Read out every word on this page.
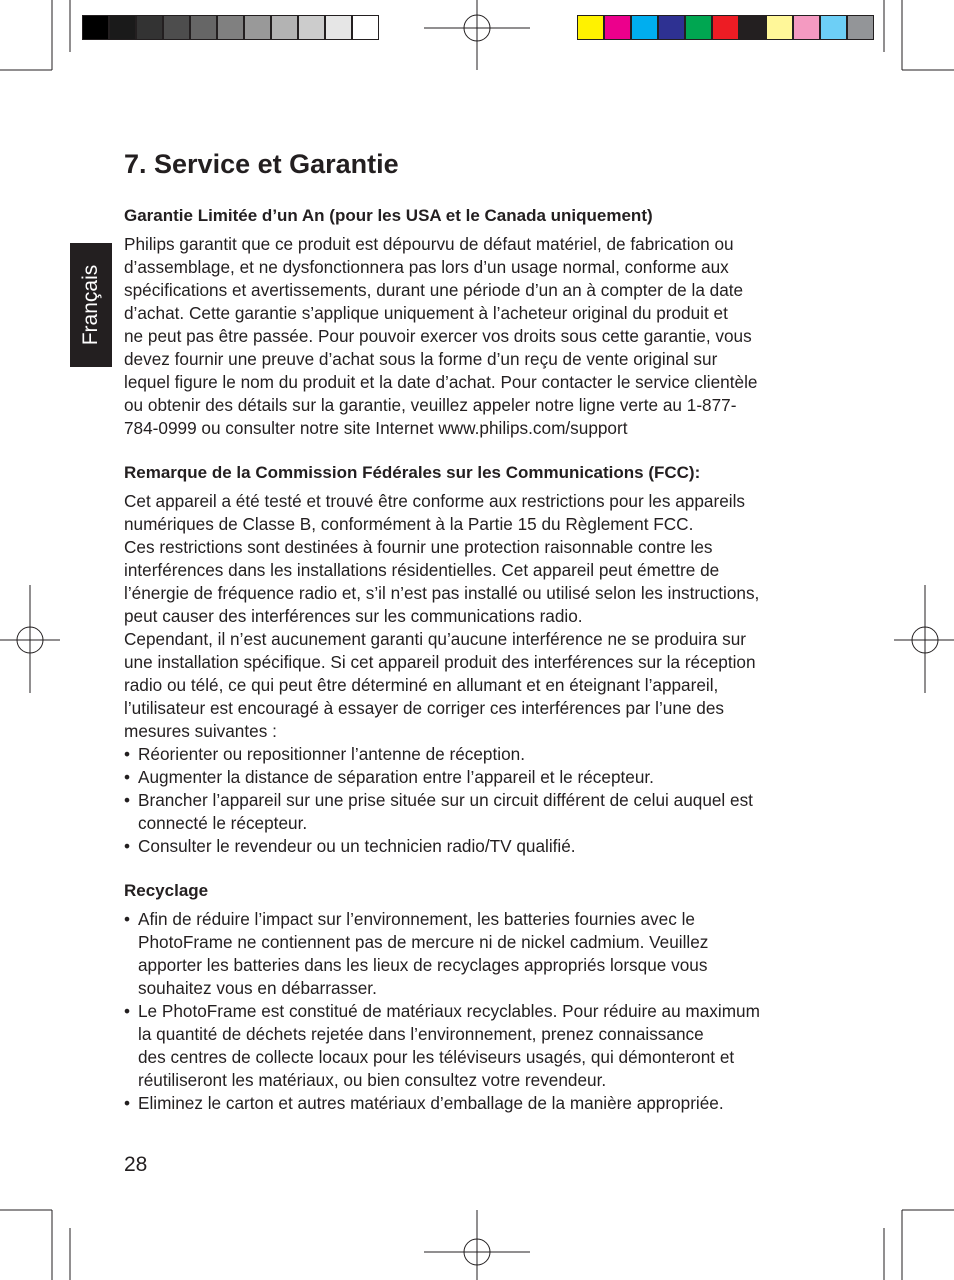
Français
7. Service et Garantie

Garantie Limitée d’un An (pour les USA et le Canada uniquement)

Philips garantit que ce produit est dépourvu de défaut matériel, de fabrication ou
d’assemblage, et ne dysfonctionnera pas lors d’un usage normal, conforme aux
spécifications et avertissements, durant une période d’un an à compter de la date
d’achat. Cette garantie s’applique uniquement à l’acheteur original du produit et
ne peut pas être passée. Pour pouvoir exercer vos droits sous cette garantie, vous
devez fournir une preuve d’achat sous la forme d’un reçu de vente original sur
lequel figure le nom du produit et la date d’achat. Pour contacter le service clientèle
ou obtenir des détails sur la garantie, veuillez appeler notre ligne verte au 1-877-
784-0999 ou consulter notre site Internet www.philips.com/support

Remarque de la Commission Fédérales sur les Communications (FCC):

Cet appareil a été testé et trouvé être conforme aux restrictions pour les appareils
numériques de Classe B, conformément à la Partie 15 du Règlement FCC.

Ces restrictions sont destinées à fournir une protection raisonnable contre les
interférences dans les installations résidentielles. Cet appareil peut émettre de
l’énergie de fréquence radio et, s’il n’est pas installé ou utilisé selon les instructions,
peut causer des interférences sur les communications radio.

Cependant, il n’est aucunement garanti qu’aucune interférence ne se produira sur
une installation spécifique. Si cet appareil produit des interférences sur la réception
radio ou télé, ce qui peut être déterminé en allumant et en éteignant l’appareil,
l’utilisateur est encouragé à essayer de corriger ces interférences par l’une des
mesures suivantes :

• Réorienter ou repositionner l’antenne de réception.
• Augmenter la distance de séparation entre l’appareil et le récepteur.
• Brancher l’appareil sur une prise située sur un circuit différent de celui auquel est
connecté le récepteur.
• Consulter le revendeur ou un technicien radio/TV qualifié.

Recyclage

• Afin de réduire l’impact sur l’environnement, les batteries fournies avec le
PhotoFrame ne contiennent pas de mercure ni de nickel cadmium. Veuillez
apporter les batteries dans les lieux de recyclages appropriés lorsque vous
souhaitez vous en débarrasser.
• Le PhotoFrame est constitué de matériaux recyclables. Pour réduire au maximum
la quantité de déchets rejetée dans l’environnement, prenez connaissance
des centres de collecte locaux pour les téléviseurs usagés, qui démonteront et
réutiliseront les matériaux, ou bien consultez votre revendeur.
• Eliminez le carton et autres matériaux d’emballage de la manière appropriée.
28
